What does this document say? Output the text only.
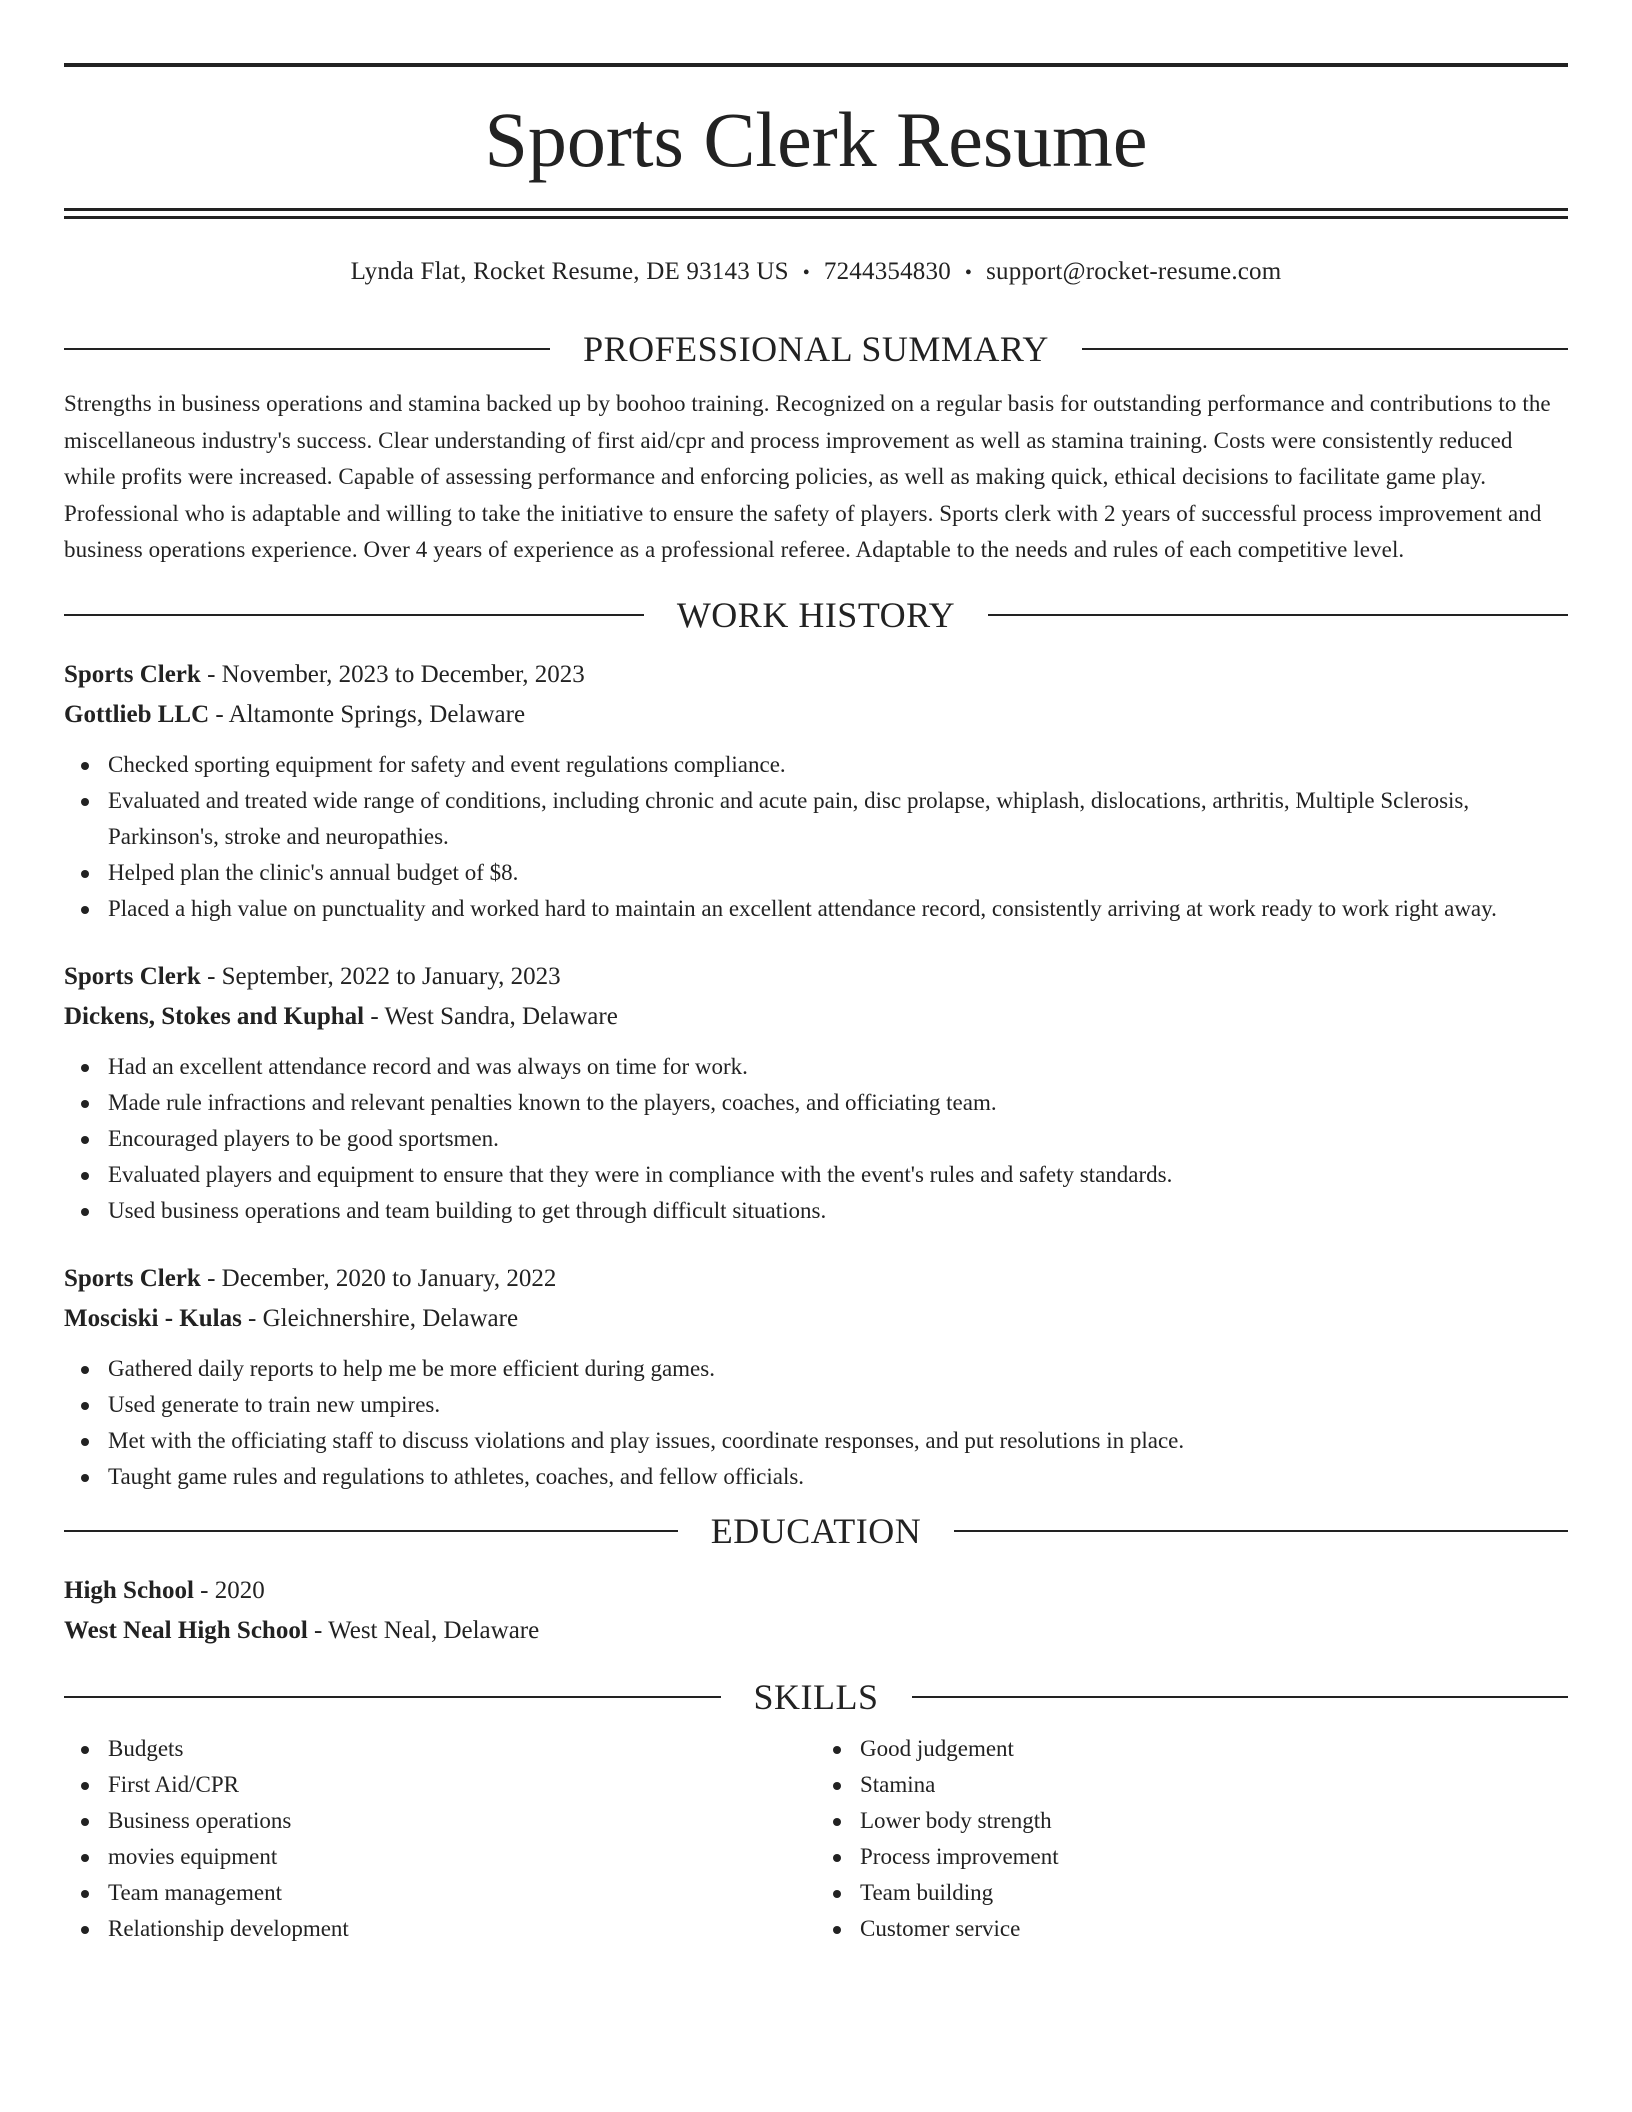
Sports Clerk Resume
Lynda Flat, Rocket Resume, DE 93143 US • 7244354830 • support@rocket-resume.com
PROFESSIONAL SUMMARY

Strengths in business operations and stamina backed up by boohoo training. Recognized on a regular basis for outstanding performance and contributions to the miscellaneous industry's success. Clear understanding of first aid/cpr and process improvement as well as stamina training. Costs were consistently reduced while profits were increased. Capable of assessing performance and enforcing policies, as well as making quick, ethical decisions to facilitate game play. Professional who is adaptable and willing to take the initiative to ensure the safety of players. Sports clerk with 2 years of successful process improvement and business operations experience. Over 4 years of experience as a professional referee. Adaptable to the needs and rules of each competitive level.

WORK HISTORY
Sports Clerk - November, 2023 to December, 2023
Gottlieb LLC - Altamonte Springs, Delaware
Checked sporting equipment for safety and event regulations compliance.
Evaluated and treated wide range of conditions, including chronic and acute pain, disc prolapse, whiplash, dislocations, arthritis, Multiple Sclerosis, Parkinson's, stroke and neuropathies.
Helped plan the clinic's annual budget of $8.
Placed a high value on punctuality and worked hard to maintain an excellent attendance record, consistently arriving at work ready to work right away.
Sports Clerk - September, 2022 to January, 2023
Dickens, Stokes and Kuphal - West Sandra, Delaware
Had an excellent attendance record and was always on time for work.
Made rule infractions and relevant penalties known to the players, coaches, and officiating team.
Encouraged players to be good sportsmen.
Evaluated players and equipment to ensure that they were in compliance with the event's rules and safety standards.
Used business operations and team building to get through difficult situations.
Sports Clerk - December, 2020 to January, 2022
Mosciski - Kulas - Gleichnershire, Delaware
Gathered daily reports to help me be more efficient during games.
Used generate to train new umpires.
Met with the officiating staff to discuss violations and play issues, coordinate responses, and put resolutions in place.
Taught game rules and regulations to athletes, coaches, and fellow officials.
EDUCATION
High School - 2020
West Neal High School - West Neal, Delaware
SKILLS
Budgets
First Aid/CPR
Business operations
movies equipment
Team management
Relationship development
Good judgement
Stamina
Lower body strength
Process improvement
Team building
Customer service
